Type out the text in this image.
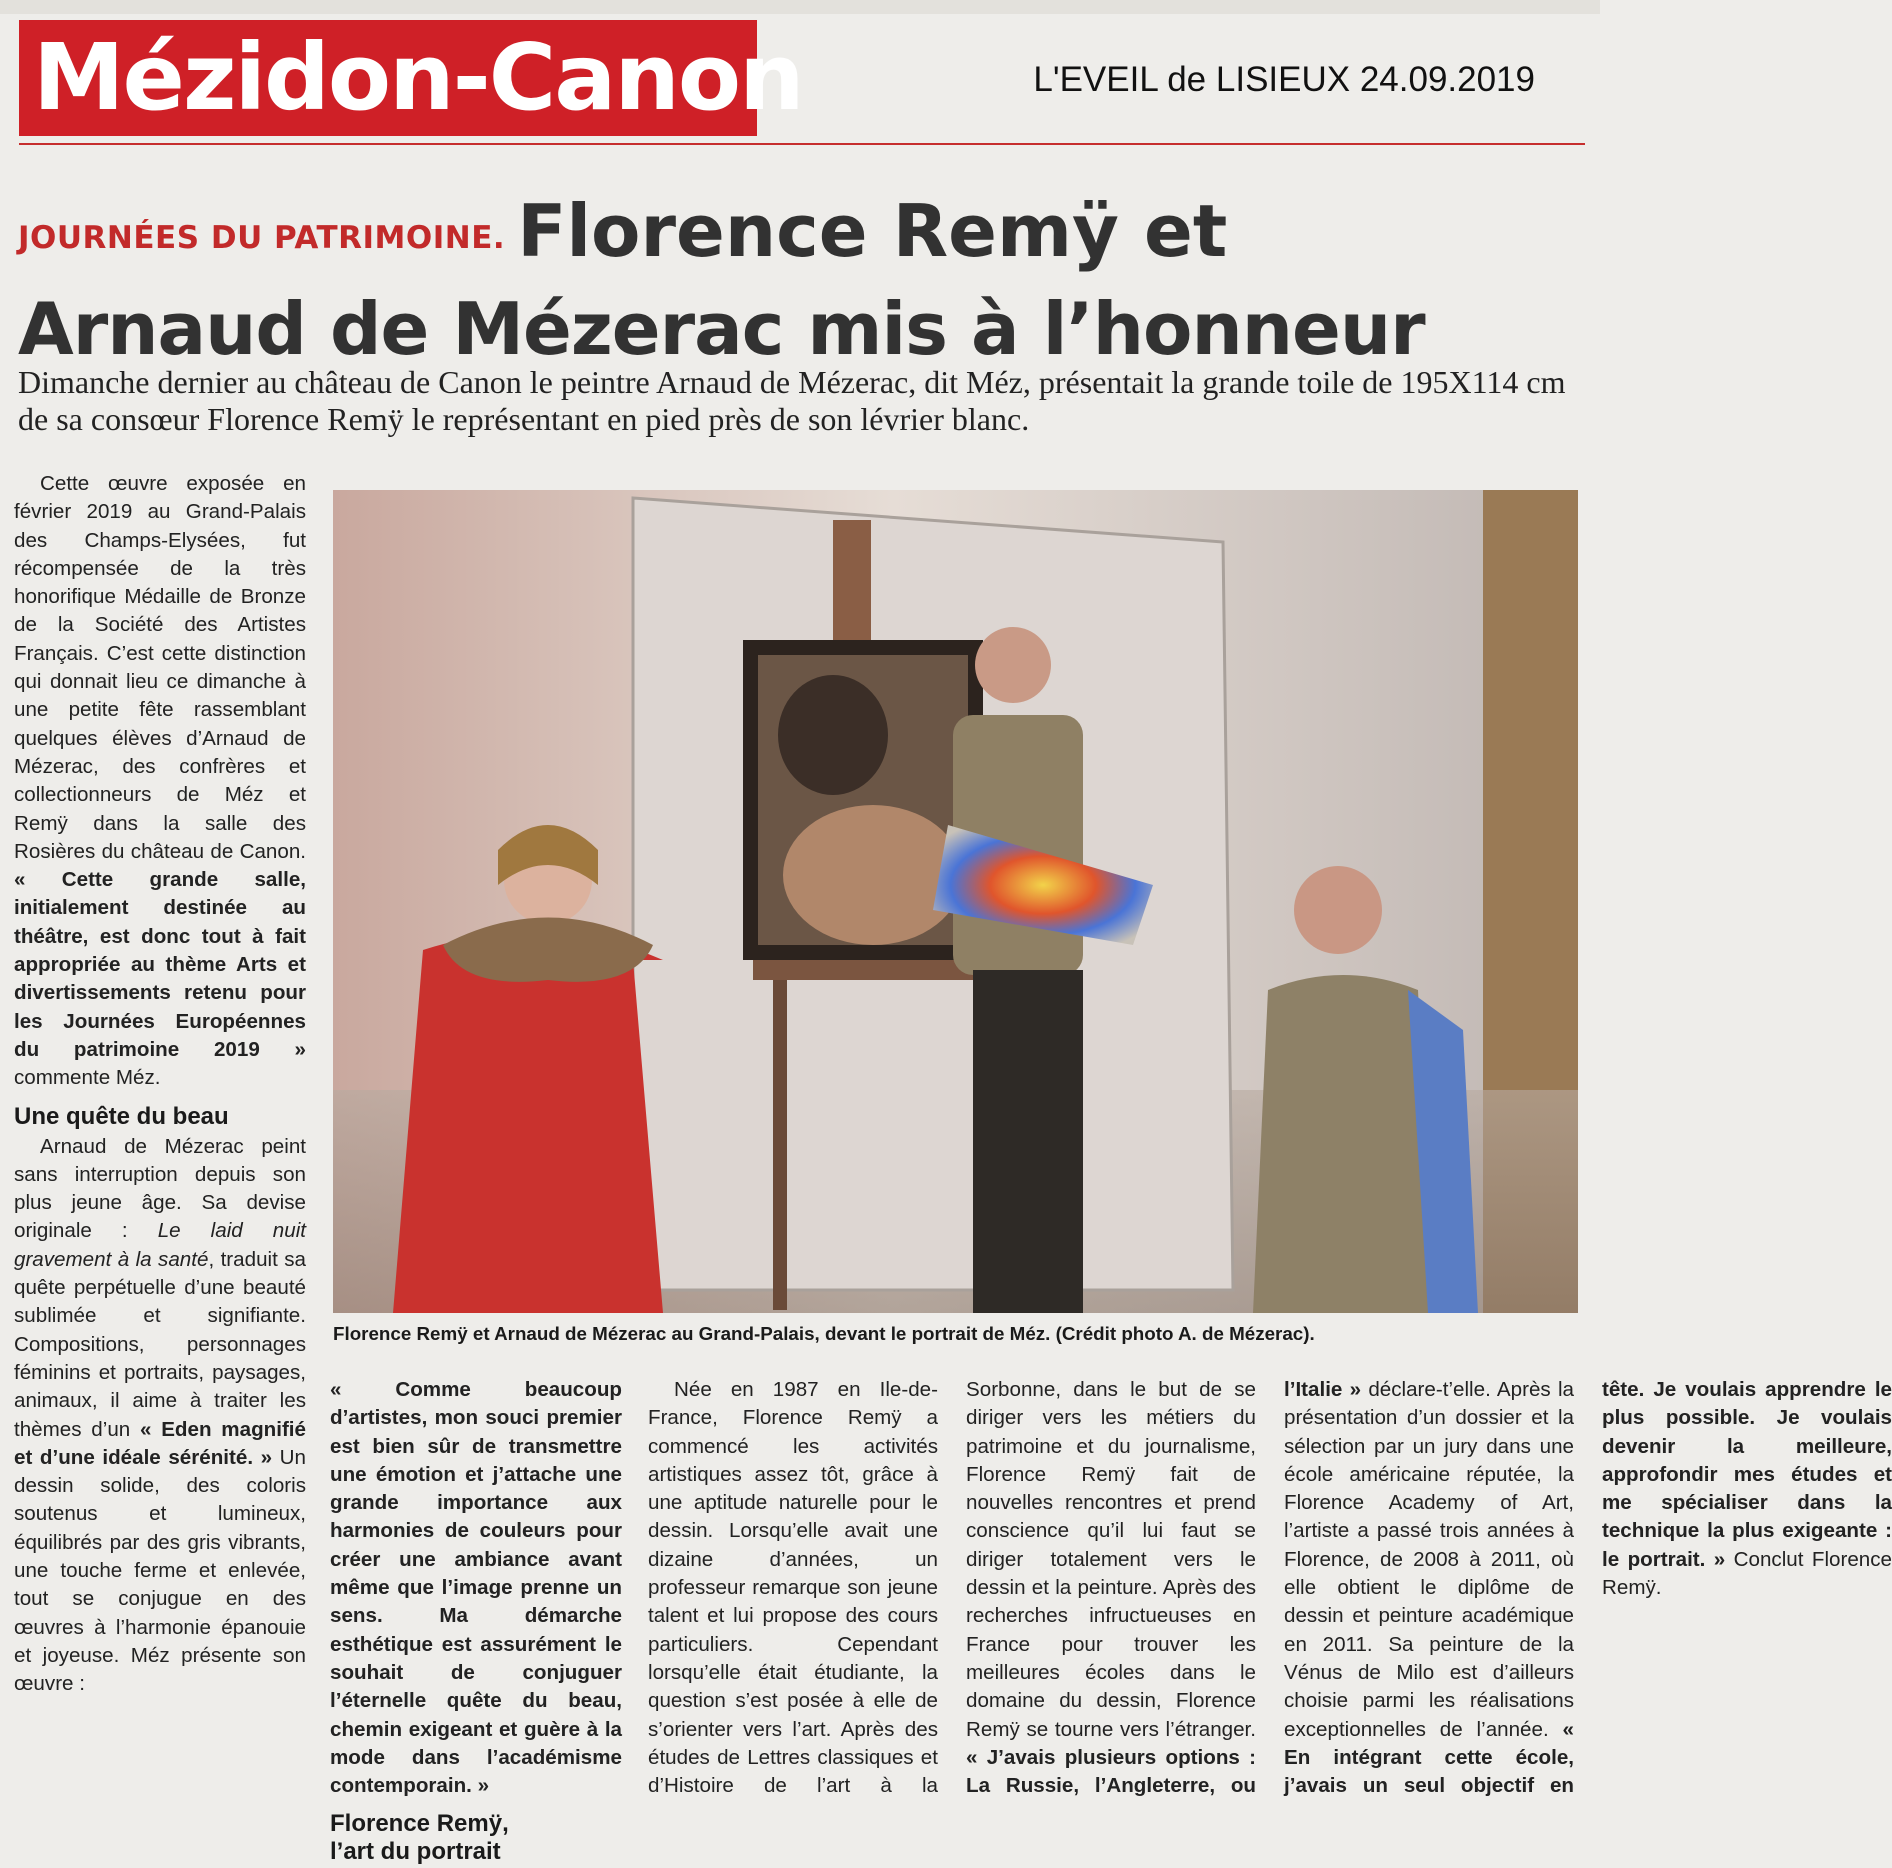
Mézidon-Canon	L'EVEIL de LISIEUX 24.09.2019
JOURNÉES DU PATRIMOINE. Florence Remÿ et
Arnaud de Mézerac mis à l’honneur
Dimanche dernier au château de Canon le peintre Arnaud de Mézerac, dit Méz, présentait la grande toile de 195X114 cm de sa consœur Florence Remÿ le représentant en pied près de son lévrier blanc.

Cette œuvre exposée en février 2019 au Grand-Palais des Champs-Elysées, fut récompensée de la très honorifique Médaille de Bronze de la Société des Artistes Français. C’est cette distinction qui donnait lieu ce dimanche à une petite fête rassemblant quelques élèves d’Arnaud de Mézerac, des confrères et collectionneurs de Méz et Remÿ dans la salle des Rosières du château de Canon. « Cette grande salle, initialement destinée au théâtre, est donc tout à fait appropriée au thème Arts et divertissements retenu pour les Journées Européennes du patrimoine 2019 » commente Méz.

Une quête du beau

Arnaud de Mézerac peint sans interruption depuis son plus jeune âge. Sa devise originale : Le laid nuit gravement à la santé, traduit sa quête perpétuelle d’une beauté sublimée et signifiante. Compositions, personnages féminins et portraits, paysages, animaux, il aime à traiter les thèmes d’un « Eden magnifié et d’une idéale sérénité. » Un dessin solide, des coloris soutenus et lumineux, équilibrés par des gris vibrants, une touche ferme et enlevée, tout se conjugue en des œuvres à l’harmonie épanouie et joyeuse. Méz présente son œuvre :

« Comme beaucoup d’artistes, mon souci premier est bien sûr de transmettre une émotion et j’attache une grande importance aux harmonies de couleurs pour créer une ambiance avant même que l’image prenne un sens. Ma démarche esthétique est assurément le souhait de conjuguer l’éternelle quête du beau, chemin exigeant et guère à la mode dans l’académisme contemporain. »

Florence Remÿ,
l’art du portrait

Née en 1987 en Ile-de-France, Florence Remÿ a commencé les activités artistiques assez tôt, grâce à une aptitude naturelle pour le dessin. Lorsqu’elle avait une dizaine d’années, un professeur remarque son jeune talent et lui propose des cours particuliers. Cependant lorsqu’elle était étudiante, la question s’est posée à elle de s’orienter vers l’art. Après des études de Lettres classiques et d’Histoire de l’art à la Sorbonne, dans le but de se diriger vers les métiers du patrimoine et du journalisme, Florence Remÿ fait de nouvelles rencontres et prend conscience qu’il lui faut se diriger totalement vers le dessin et la peinture. Après des recherches infructueuses en France pour trouver les meilleures écoles dans le domaine du dessin, Florence Remÿ se tourne vers l’étranger. « J’avais plusieurs options : La Russie, l’Angleterre, ou l’Italie » déclare-t’elle. Après la présentation d’un dossier et la sélection par un jury dans une école américaine réputée, la Florence Academy of Art, l’artiste a passé trois années à Florence, de 2008 à 2011, où elle obtient le diplôme de dessin et peinture académique en 2011. Sa peinture de la Vénus de Milo est d’ailleurs choisie parmi les réalisations exceptionnelles de l’année. « En intégrant cette école, j’avais un seul objectif en tête. Je voulais apprendre le plus possible. Je voulais devenir la meilleure, approfondir mes études et me spécialiser dans la technique la plus exigeante : le portrait. » Conclut Florence Remÿ.

Florence Remÿ et Arnaud de Mézerac au Grand-Palais, devant le portrait de Méz. (Crédit photo A. de Mézerac).
